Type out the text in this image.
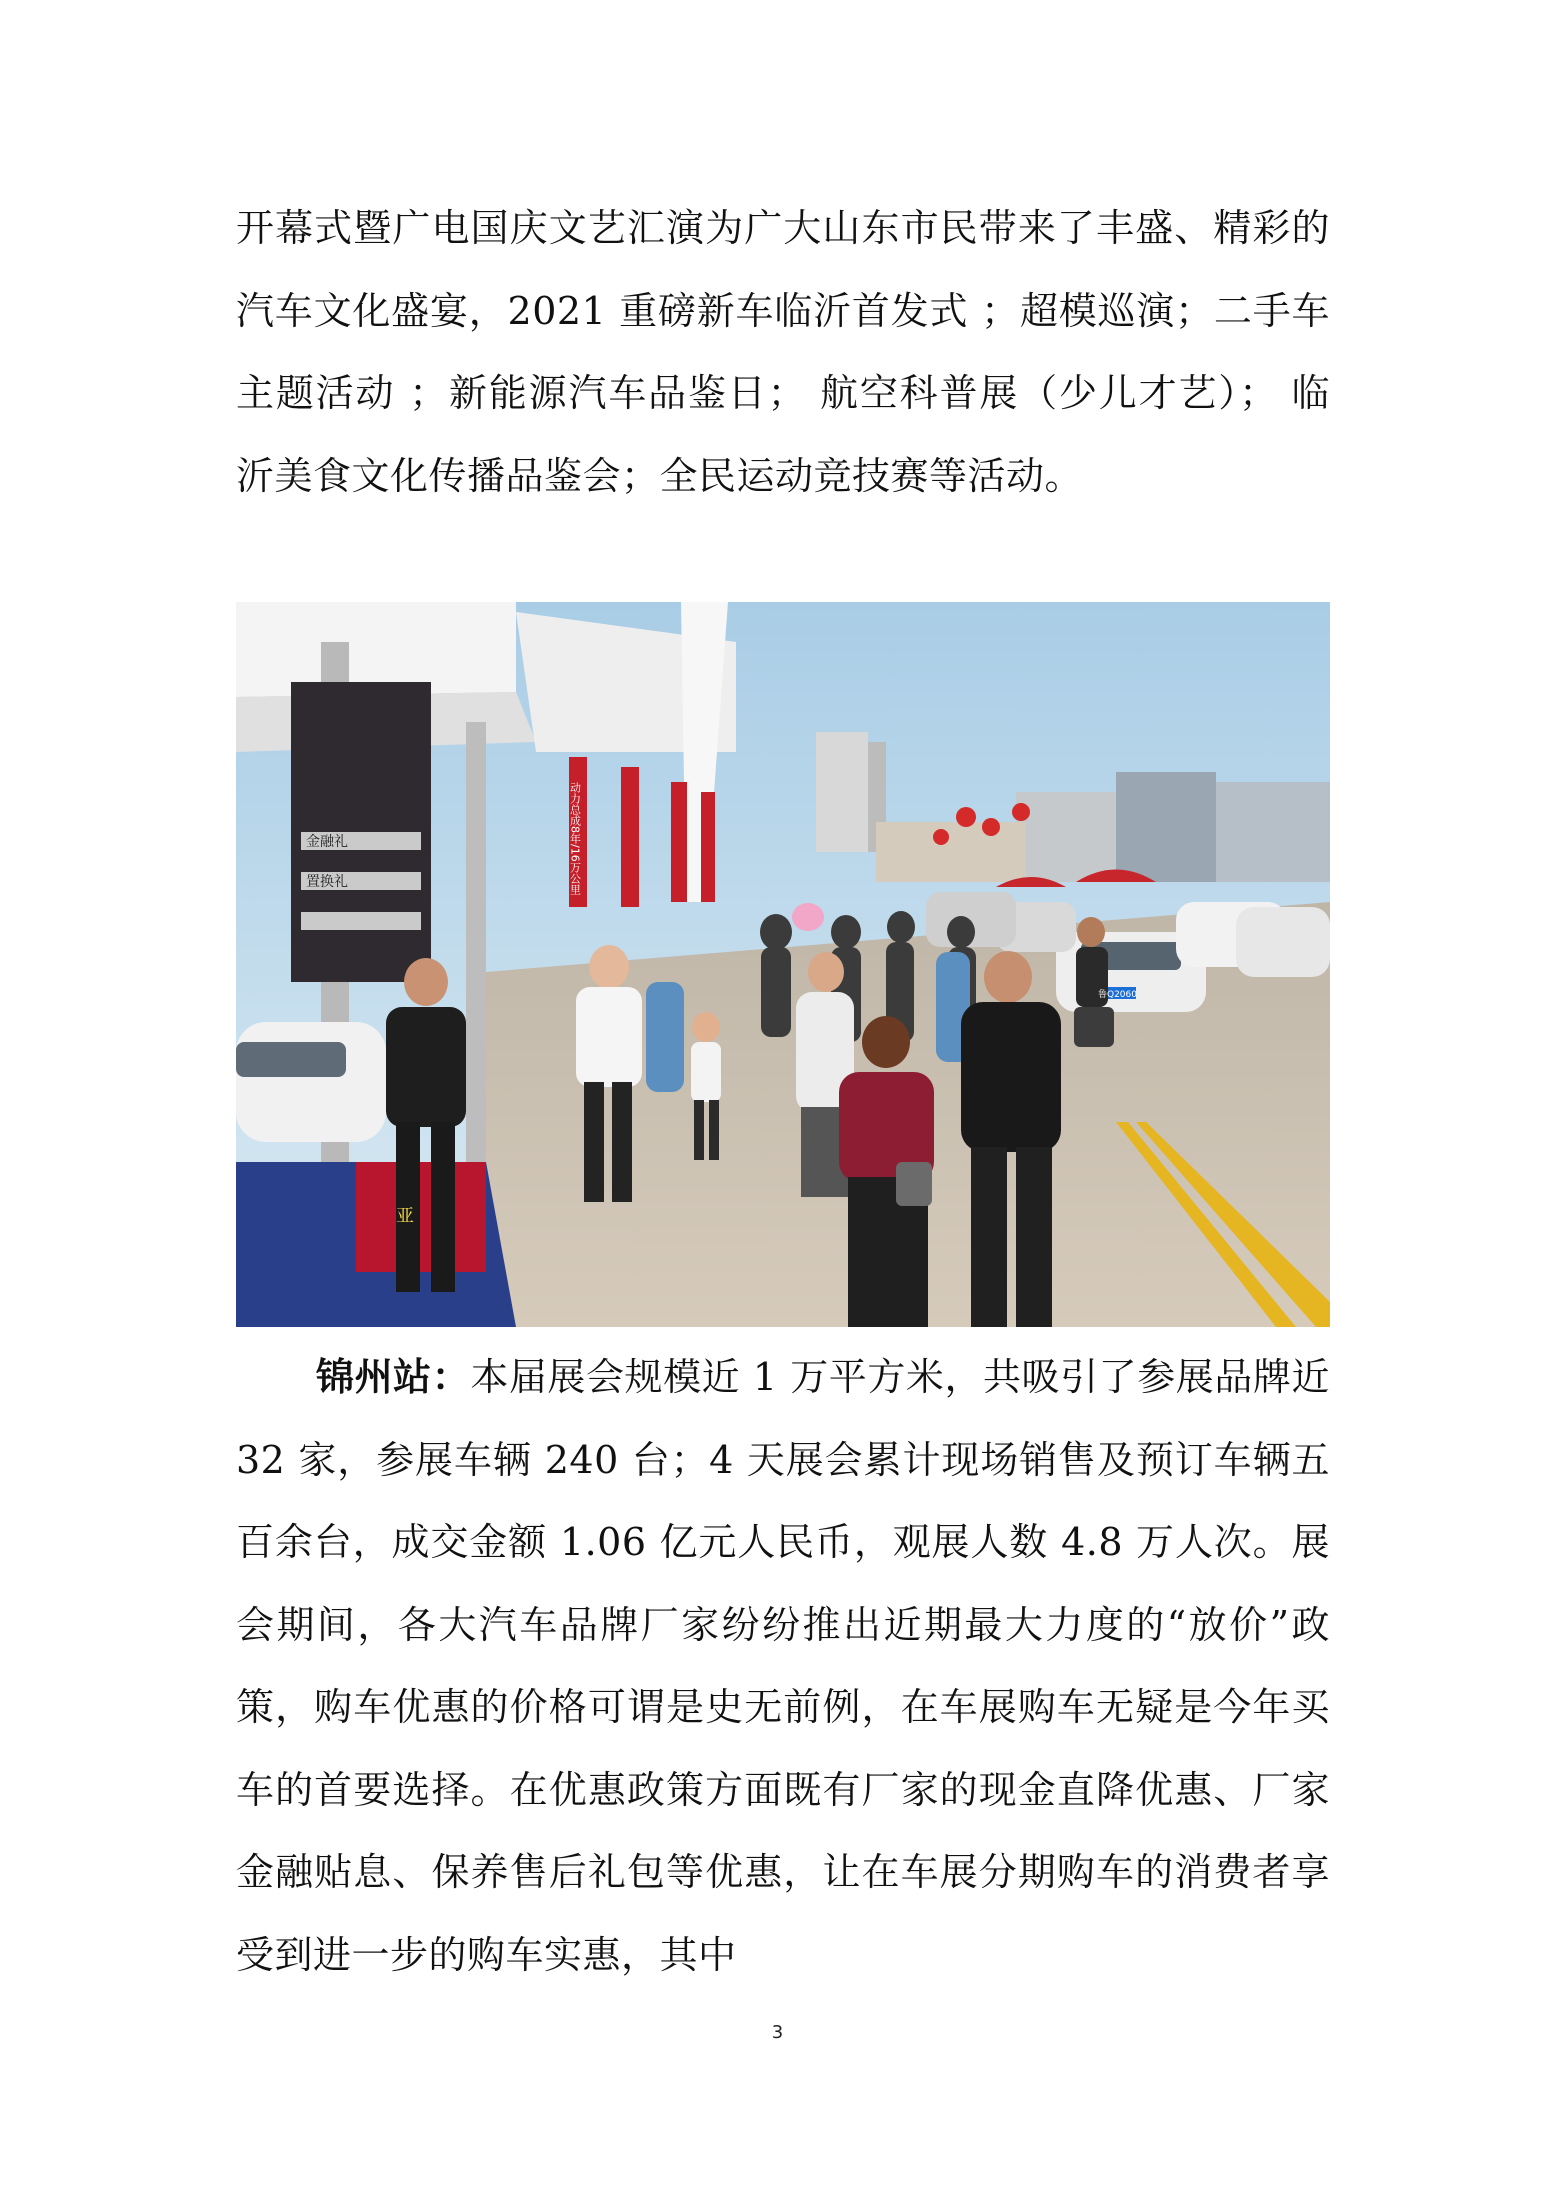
开幕式暨广电国庆文艺汇演为广大山东市民带来了丰盛、精彩的汽车文化盛宴，2021 重磅新车临沂首发式 ；超模巡演；二手车主题活动 ；新能源汽车品鉴日； 航空科普展（少儿才艺）； 临沂美食文化传播品鉴会；全民运动竞技赛等活动。

动力总成8年/16万公里
金融礼
置换礼
亚
鲁Q2060

锦州站：本届展会规模近 1 万平方米，共吸引了参展品牌近 32 家，参展车辆 240 台；4 天展会累计现场销售及预订车辆五百余台，成交金额 1.06 亿元人民币，观展人数 4.8 万人次。展会期间，各大汽车品牌厂家纷纷推出近期最大力度的“放价”政策，购车优惠的价格可谓是史无前例，在车展购车无疑是今年买车的首要选择。在优惠政策方面既有厂家的现金直降优惠、厂家金融贴息、保养售后礼包等优惠，让在车展分期购车的消费者享受到进一步的购车实惠，其中

3
